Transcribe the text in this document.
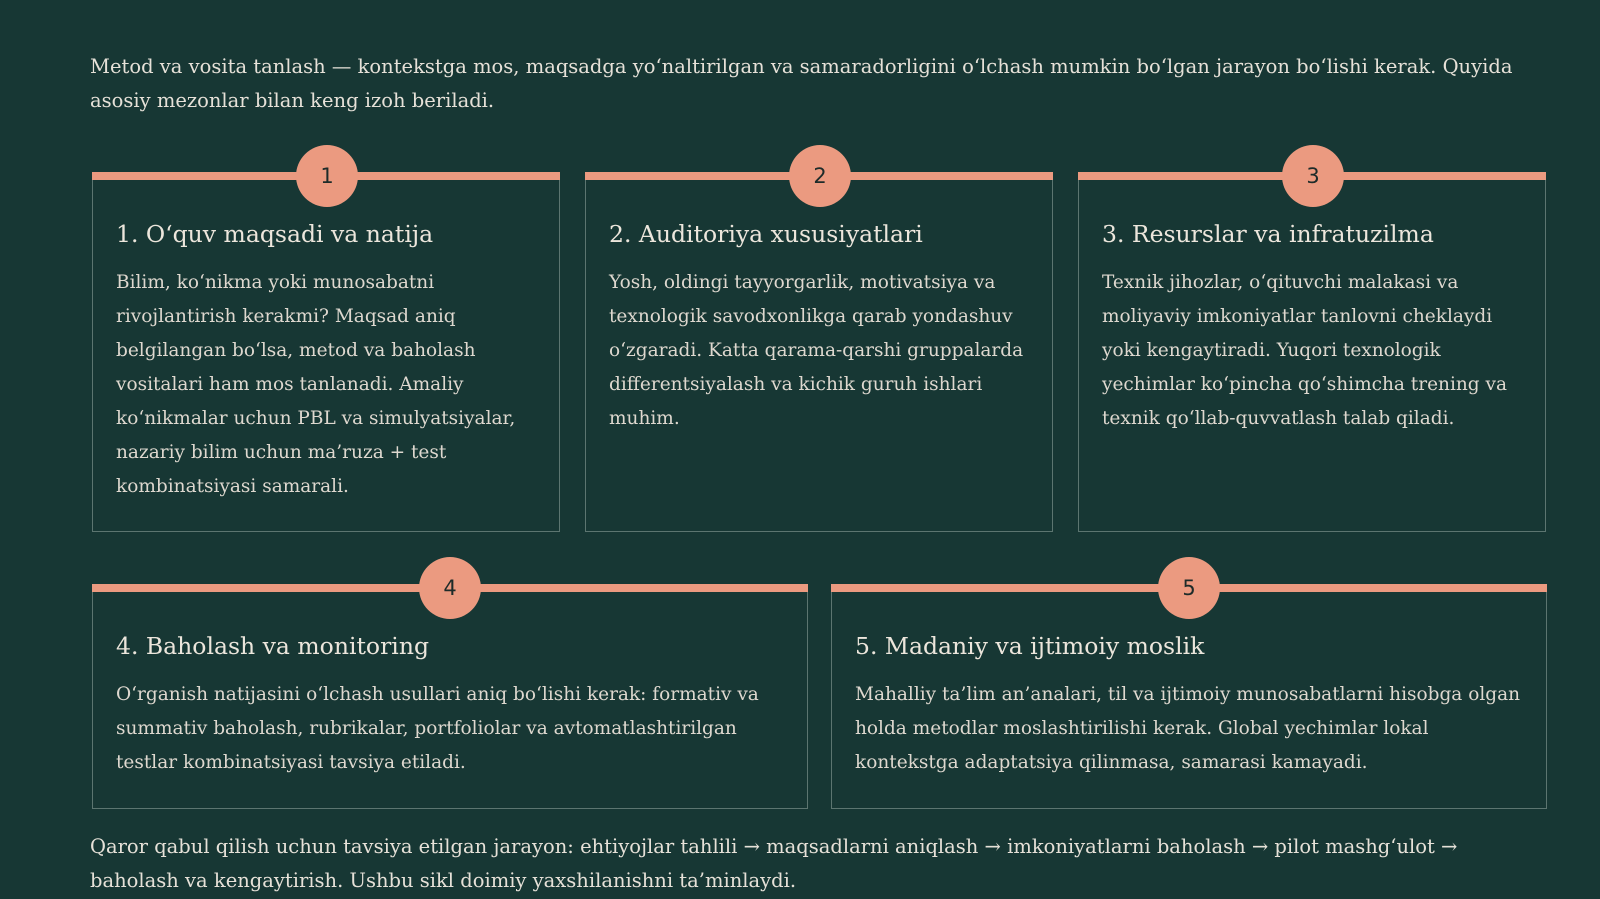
Metod va vosita tanlash — kontekstga mos, maqsadga yo‘naltirilgan va samaradorligini o‘lchash mumkin bo‘lgan jarayon bo‘lishi kerak. Quyida asosiy mezonlar bilan keng izoh beriladi.

1
1. O‘quv maqsadi va natija

Bilim, ko‘nikma yoki munosabatni rivojlantirish kerakmi? Maqsad aniq belgilangan bo‘lsa, metod va baholash vositalari ham mos tanlanadi. Amaliy ko‘nikmalar uchun PBL va simulyatsiyalar, nazariy bilim uchun ma’ruza + test kombinatsiyasi samarali.

2
2. Auditoriya xususiyatlari

Yosh, oldingi tayyorgarlik, motivatsiya va texnologik savodxonlikga qarab yondashuv o‘zgaradi. Katta qarama-qarshi gruppalarda differentsiyalash va kichik guruh ishlari muhim.

3
3. Resurslar va infratuzilma

Texnik jihozlar, o‘qituvchi malakasi va moliyaviy imkoniyatlar tanlovni cheklaydi yoki kengaytiradi. Yuqori texnologik yechimlar ko‘pincha qo‘shimcha trening va texnik qo‘llab-quvvatlash talab qiladi.

4
4. Baholash va monitoring

O‘rganish natijasini o‘lchash usullari aniq bo‘lishi kerak: formativ va summativ baholash, rubrikalar, portfoliolar va avtomatlashtirilgan testlar kombinatsiyasi tavsiya etiladi.

5
5. Madaniy va ijtimoiy moslik

Mahalliy ta’lim an’analari, til va ijtimoiy munosabatlarni hisobga olgan holda metodlar moslashtirilishi kerak. Global yechimlar lokal kontekstga adaptatsiya qilinmasa, samarasi kamayadi.

Qaror qabul qilish uchun tavsiya etilgan jarayon: ehtiyojlar tahlili → maqsadlarni aniqlash → imkoniyatlarni baholash → pilot mashg‘ulot → baholash va kengaytirish. Ushbu sikl doimiy yaxshilanishni ta’minlaydi.
